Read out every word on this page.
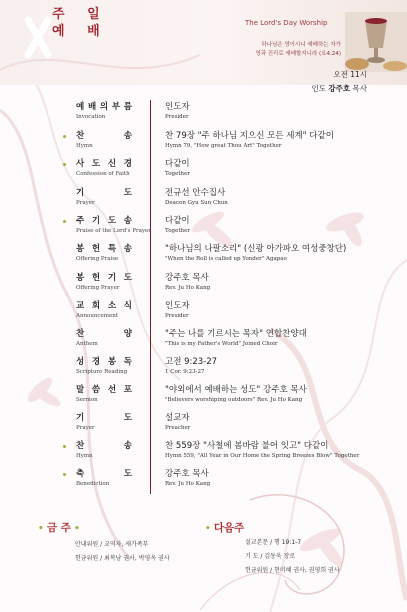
주 일
예 배
The Lord's Day Worship
하나님은 영이시니 예배하는 자가
영과 진리로 예배할지니라 (요4:24)
오전 11시
인도 강주호 목사
예 배 의 부 름
Invocation
인도자
Presider
찬 송
Hymn
찬 79장 "주 하나님 지으신 모든 세계" 다같이
Hymn 79, "How great Thou Art" Together
사 도 신 경
Confession of Faith
다같이
Together
기 도
Prayer
전규선 안수집사
Deacon Gyu Sun Chun
주 기 도 송
Praise of the Lord's Prayer
다같이
Together
봉 헌 특 송
Offering Praise
"하나님의 나팔소리" (신광 아가파오 여성중창단)
"When the Roll is called up Yonder" Agapao
봉 헌 기 도
Offering Prayer
강주호 목사
Rev. Ju Ho Kang
교 회 소 식
Announcement
인도자
Presider
찬 양
Anthem
"주는 나를 기르시는 목자" 연합찬양대
"This is my Father's World" Joined Choir
성 경 봉 독
Scripture Reading
고전 9:23-27
1 Cor. 9:23-27
말 씀 선 포
Sermon
"야외에서 예배하는 성도" 강주호 목사
"Believers worshiping outdoors" Rev. Ju Ho Kang
기 도
Prayer
설교자
Preacher
찬 송
Hymn
찬 559장 "사철에 봄바람 불어 잇고" 다같이
Hymn 559, "All Year in Our Home the Spring Breezes Blow" Together
축 도
Benediction
강주호 목사
Rev. Ju Ho Kang
• 금 주 •
안내위원 / 교역자, 새가족부
헌금위원 / 최복남 권사, 박영옥 권사
• 다음주
설교본문 / 행 19:1-7
기 도 / 김동욱 장로
헌금위원 / 현미혜 권사, 권영희 권사
